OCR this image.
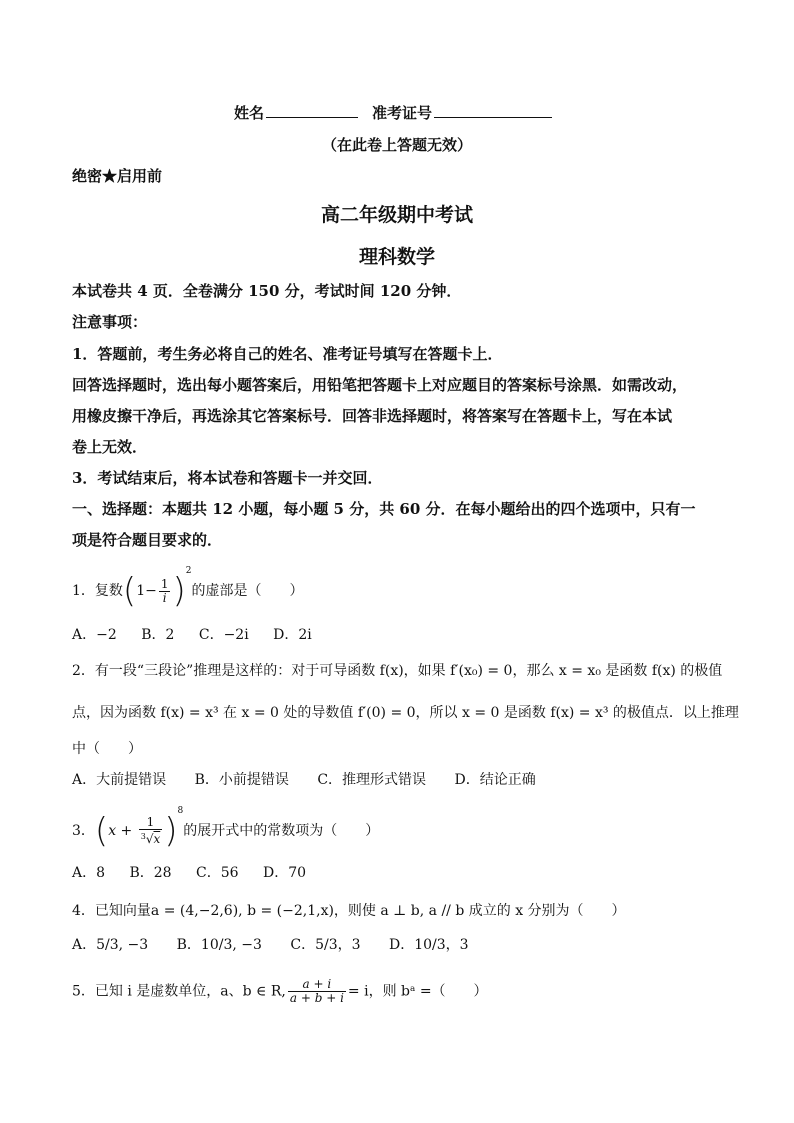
姓名	准考证号
（在此卷上答题无效）
绝密★启用前
高二年级期中考试
理科数学
本试卷共 4 页．全卷满分 150 分，考试时间 120 分钟．
注意事项：
1．答题前，考生务必将自己的姓名、准考证号填写在答题卡上．
回答选择题时，选出每小题答案后，用铅笔把答题卡上对应题目的答案标号涂黑．如需改动，
用橡皮擦干净后，再选涂其它答案标号．回答非选择题时，将答案写在答题卡上，写在本试
卷上无效．
3．考试结束后，将本试卷和答题卡一并交回．
一、选择题：本题共 12 小题，每小题 5 分，共 60 分．在每小题给出的四个选项中，只有一
项是符合题目要求的．
1．复数$(1- \frac{1}{i} )^2$的虚部是（　　）
A．−2 B．2 C．−2i D．2i
2．有一段“三段论”推理是这样的：对于可导函数 f(x)，如果 f′(x₀) = 0，那么 x = x₀ 是函数 f(x) 的极值
点，因为函数 f(x) = x³ 在 x = 0 处的导数值 f′(0) = 0，所以 x = 0 是函数 f(x) = x³ 的极值点．以上推理
中（　　）
A．大前提错误 B．小前提错误 C．推理形式错误 D．结论正确
3．$(x + \frac{1}{^3√x} )^8$的展开式中的常数项为（　　）
A．8 B．28 C．56 D．70
4．已知向量a = (4,−2,6), b = (−2,1,x)，则使 a ⊥ b, a // b 成立的 x 分别为（　　）
A．5/3, −3 B．10/3, −3 C．5/3，3 D．10/3，3
5．已知 i 是虚数单位，a、b ∈ R, $\frac{a + i}{a + b + i} = i$，则 bᵃ =（　　）
